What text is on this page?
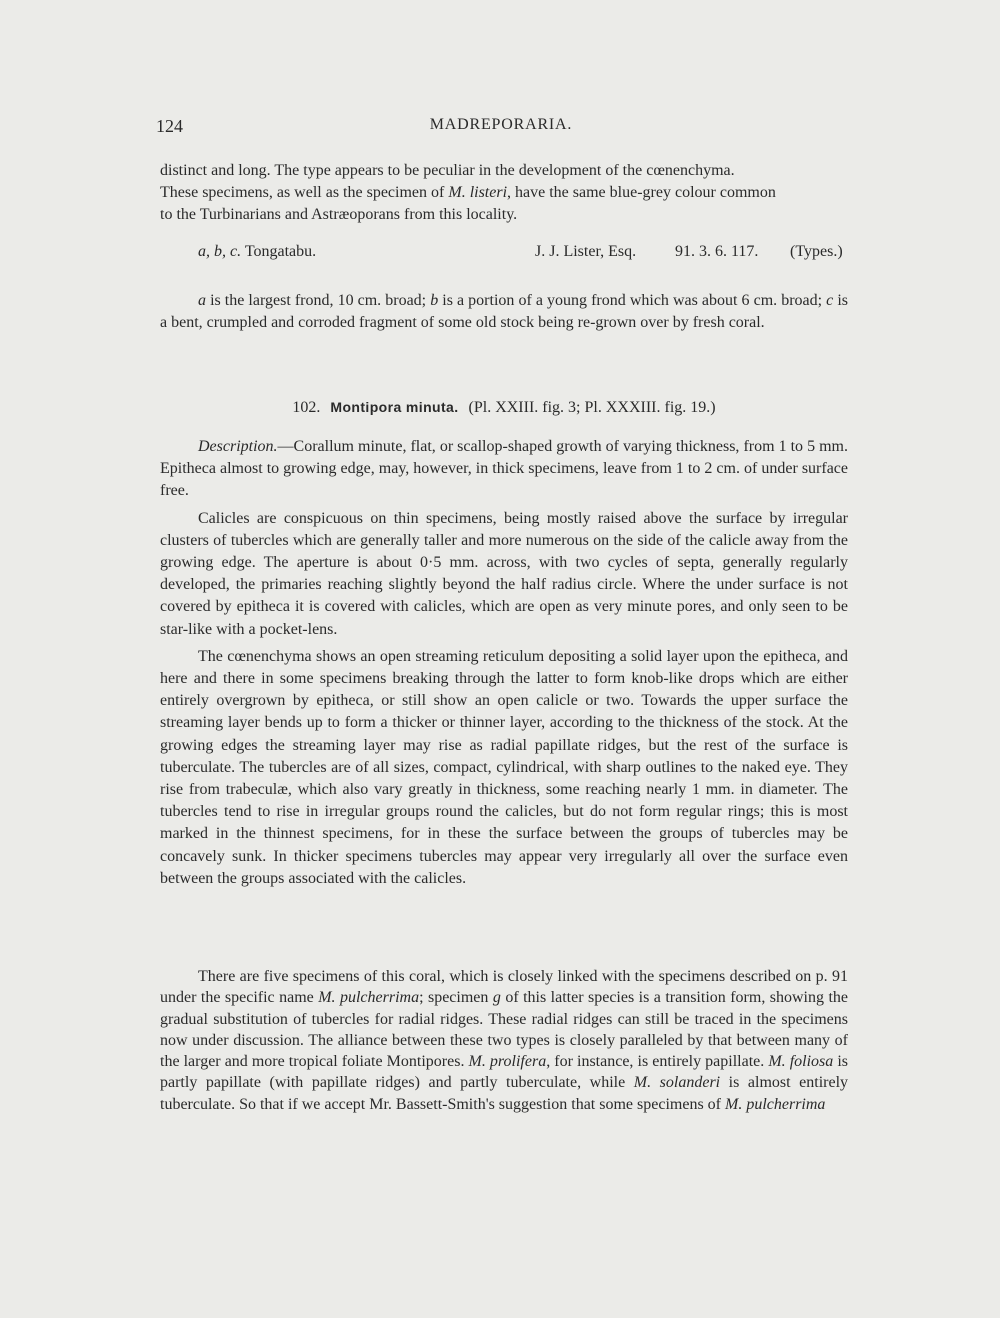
124	MADREPORARIA.

distinct and long. The type appears to be peculiar in the development of the cœnenchyma.

These specimens, as well as the specimen of M. listeri, have the same blue-grey colour common

to the Turbinarians and Astræoporans from this locality.

a, b, c. Tongatabu.	J. J. Lister, Esq. 91. 3. 6. 117. (Types.)

a is the largest frond, 10 cm. broad; b is a portion of a young frond which was about 6 cm. broad; c is a bent, crumpled and corroded fragment of some old stock being re-grown over by fresh coral.

102. Montipora minuta. (Pl. XXIII. fig. 3; Pl. XXXIII. fig. 19.)

Description.—Corallum minute, flat, or scallop-shaped growth of varying thickness, from 1 to 5 mm. Epitheca almost to growing edge, may, however, in thick specimens, leave from 1 to 2 cm. of under surface free.

Calicles are conspicuous on thin specimens, being mostly raised above the surface by irregular clusters of tubercles which are generally taller and more numerous on the side of the calicle away from the growing edge. The aperture is about 0·5 mm. across, with two cycles of septa, generally regularly developed, the primaries reaching slightly beyond the half radius circle. Where the under surface is not covered by epitheca it is covered with calicles, which are open as very minute pores, and only seen to be star-like with a pocket-lens.

The cœnenchyma shows an open streaming reticulum depositing a solid layer upon the epitheca, and here and there in some specimens breaking through the latter to form knob-like drops which are either entirely overgrown by epitheca, or still show an open calicle or two. Towards the upper surface the streaming layer bends up to form a thicker or thinner layer, according to the thickness of the stock. At the growing edges the streaming layer may rise as radial papillate ridges, but the rest of the surface is tuberculate. The tubercles are of all sizes, compact, cylindrical, with sharp outlines to the naked eye. They rise from trabeculæ, which also vary greatly in thickness, some reaching nearly 1 mm. in diameter. The tubercles tend to rise in irregular groups round the calicles, but do not form regular rings; this is most marked in the thinnest specimens, for in these the surface between the groups of tubercles may be concavely sunk. In thicker specimens tubercles may appear very irregularly all over the surface even between the groups associated with the calicles.

There are five specimens of this coral, which is closely linked with the specimens described on p. 91 under the specific name M. pulcherrima; specimen g of this latter species is a transition form, showing the gradual substitution of tubercles for radial ridges. These radial ridges can still be traced in the specimens now under discussion. The alliance between these two types is closely paralleled by that between many of the larger and more tropical foliate Montipores. M. prolifera, for instance, is entirely papillate. M. foliosa is partly papillate (with papillate ridges) and partly tuberculate, while M. solanderi is almost entirely tuberculate. So that if we accept Mr. Bassett-Smith's suggestion that some specimens of M. pulcherrima
